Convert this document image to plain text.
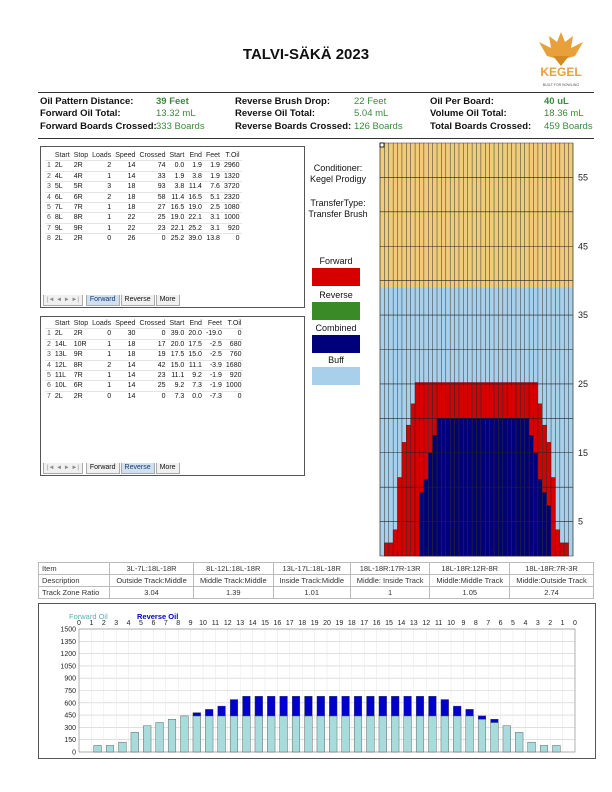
TALVI-SÄKÄ 2023
KEGEL
BUILT FOR BOWLING
Oil Pattern Distance: 39 Feet	Reverse Brush Drop:	22 Feet	Oil Per Board:	40 uL
Forward Oil Total:	13.32 mL	Reverse Oil Total:	5.04 mL	Volume Oil Total:	18.36 mL
Forward Boards Crossed: 333 Boards	Reverse Boards Crossed: 126 Boards	Total Boards Crossed: 459 Boards
	Start	Stop	Loads	Speed	Crossed	Start	End	Feet	T.Oil
1	2L	2R	2	14	74	0.0	1.9	1.9	2960
2	4L	4R	1	14	33	1.9	3.8	1.9	1320
3	5L	5R	3	18	93	3.8	11.4	7.6	3720
4	6L	6R	2	18	58	11.4	16.5	5.1	2320
5	7L	7R	1	18	27	16.5	19.0	2.5	1080
6	8L	8R	1	22	25	19.0	22.1	3.1	1000
7	9L	9R	1	22	23	22.1	25.2	3.1	920
8	2L	2R	0	26	0	25.2	39.0	13.8	0
|◄ ◄ ► ►| Forward Reverse More
	Start	Stop	Loads	Speed	Crossed	Start	End	Feet	T.Oil
1	2L	2R	0	30	0	39.0	20.0	-19.0	0
2	14L	10R	1	18	17	20.0	17.5	-2.5	680
3	13L	9R	1	18	19	17.5	15.0	-2.5	760
4	12L	8R	2	14	42	15.0	11.1	-3.9	1680
5	11L	7R	1	14	23	11.1	9.2	-1.9	920
6	10L	6R	1	14	25	9.2	7.3	-1.9	1000
7	2L	2R	0	14	0	7.3	0.0	-7.3	0
|◄ ◄ ► ►| Forward Reverse More
Conditioner:
Kegel Prodigy
TransferType:
Transfer Brush
Forward
Reverse
Combined
Buff
55
45
35
25
15
5
Item	3L-7L:18L-18R	8L-12L:18L-18R	13L-17L:18L-18R	18L-18R:17R-13R	18L-18R:12R-8R	18L-18R:7R-3R
Description	Outside Track:Middle	Middle Track:Middle	Inside Track:Middle	Middle: Inside Track	Middle:Middle Track	Middle:Outside Track
Track Zone Ratio	3.04	1.39	1.01	1	1.05	2.74
0
150
300
450
600
750
900
1050
1200
1350
1500
0 1 2 3 4 5 6 7 8 9 10 11 12 13 14 15 16 17 18 19 20 19 18 17 16 15 14 13 12 11 10 9 8 7 6 5 4 3 2 1 0
Forward Oil	Reverse Oil
